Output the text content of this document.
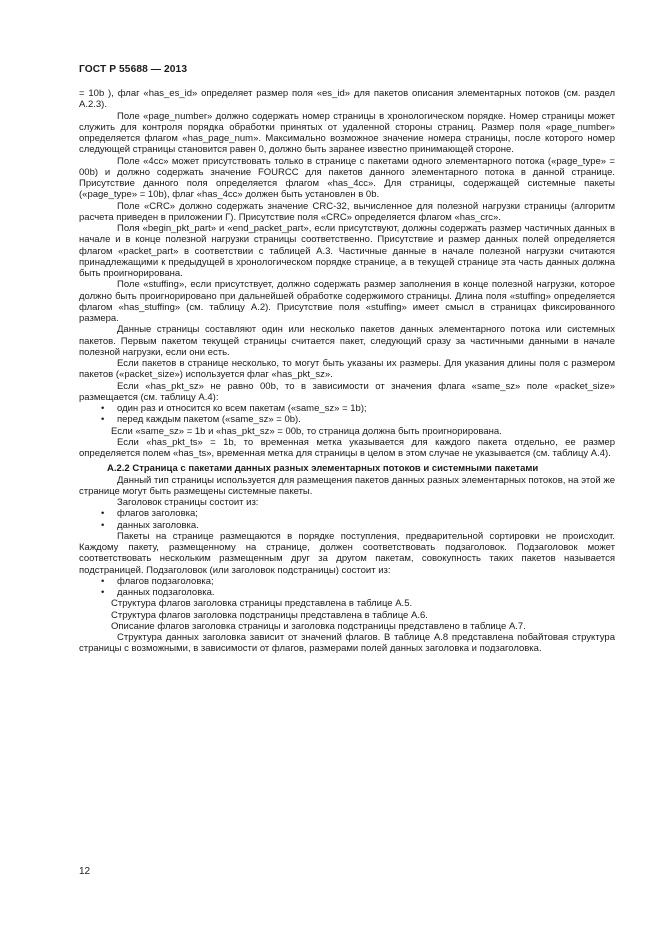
ГОСТ Р 55688 — 2013

= 10b ), флаг «has_es_id» определяет размер поля «es_id» для пакетов описания элементарных потоков (см. раздел A.2.3).

Поле «page_number» должно содержать номер страницы в хронологическом порядке. Номер страницы может служить для контроля порядка обработки принятых от удаленной стороны страниц. Размер поля «page_number» определяется флагом «has_page_num». Максимально возможное значение номера страницы, после которого номер следующей страницы становится равен 0, должно быть заранее известно принимающей стороне.

Поле «4cc» может присутствовать только в странице с пакетами одного элементарного потока («page_type» = 00b) и должно содержать значение FOURCC для пакетов данного элементарного потока в данной странице. Присутствие данного поля определяется флагом «has_4cc». Для страницы, содержащей системные пакеты («page_type» = 10b), флаг «has_4cc» должен быть установлен в 0b.

Поле «CRC» должно содержать значение CRC-32, вычисленное для полезной нагрузки страницы (алгоритм расчета приведен в приложении Г). Присутствие поля «CRC» определяется флагом «has_crc».

Поля «begin_pkt_part» и «end_packet_part», если присутствуют, должны содержать размер частичных данных в начале и в конце полезной нагрузки страницы соответственно. Присутствие и размер данных полей определяется флагом «packet_part» в соответствии с таблицей A.3. Частичные данные в начале полезной нагрузки считаются принадлежащими к предыдущей в хронологическом порядке странице, а в текущей странице эта часть данных должна быть проигнорирована.

Поле «stuffing», если присутствует, должно содержать размер заполнения в конце полезной нагрузки, которое должно быть проигнорировано при дальнейшей обработке содержимого страницы. Длина поля «stuffing» определяется флагом «has_stuffing» (см. таблицу A.2). Присутствие поля «stuffing» имеет смысл в страницах фиксированного размера.

Данные страницы составляют один или несколько пакетов данных элементарного потока или системных пакетов. Первым пакетом текущей страницы считается пакет, следующий сразу за частичными данными в начале полезной нагрузки, если они есть.

Если пакетов в странице несколько, то могут быть указаны их размеры. Для указания длины поля с размером пакетов («packet_size») используется флаг «has_pkt_sz».

Если «has_pkt_sz» не равно 00b, то в зависимости от значения флага «same_sz» поле «packet_size» размещается (см. таблицу A.4):

• один раз и относится ко всем пакетам («same_sz» = 1b);

• перед каждым пакетом («same_sz» = 0b).

Если «same_sz» = 1b и «has_pkt_sz» = 00b, то страница должна быть проигнорирована.

Если «has_pkt_ts» = 1b, то временная метка указывается для каждого пакета отдельно, ее размер определяется полем «has_ts», временная метка для страницы в целом в этом случае не указывается (см. таблицу A.4).

A.2.2 Страница с пакетами данных разных элементарных потоков и системными пакетами

Данный тип страницы используется для размещения пакетов данных разных элементарных потоков, на этой же странице могут быть размещены системные пакеты.

Заголовок страницы состоит из:

• флагов заголовка;

• данных заголовка.

Пакеты на странице размещаются в порядке поступления, предварительной сортировки не происходит. Каждому пакету, размещенному на странице, должен соответствовать подзаголовок. Подзаголовок может соответствовать нескольким размещенным друг за другом пакетам, совокупность таких пакетов называется подстраницей. Подзаголовок (или заголовок подстраницы) состоит из:

• флагов подзаголовка;

• данных подзаголовка.

Структура флагов заголовка страницы представлена в таблице A.5.

Структура флагов заголовка подстраницы представлена в таблице A.6.

Описание флагов заголовка страницы и заголовка подстраницы представлено в таблице A.7.

Структура данных заголовка зависит от значений флагов. В таблице A.8 представлена побайтовая структура страницы с возможными, в зависимости от флагов, размерами полей данных заголовка и подзаголовка.

12
